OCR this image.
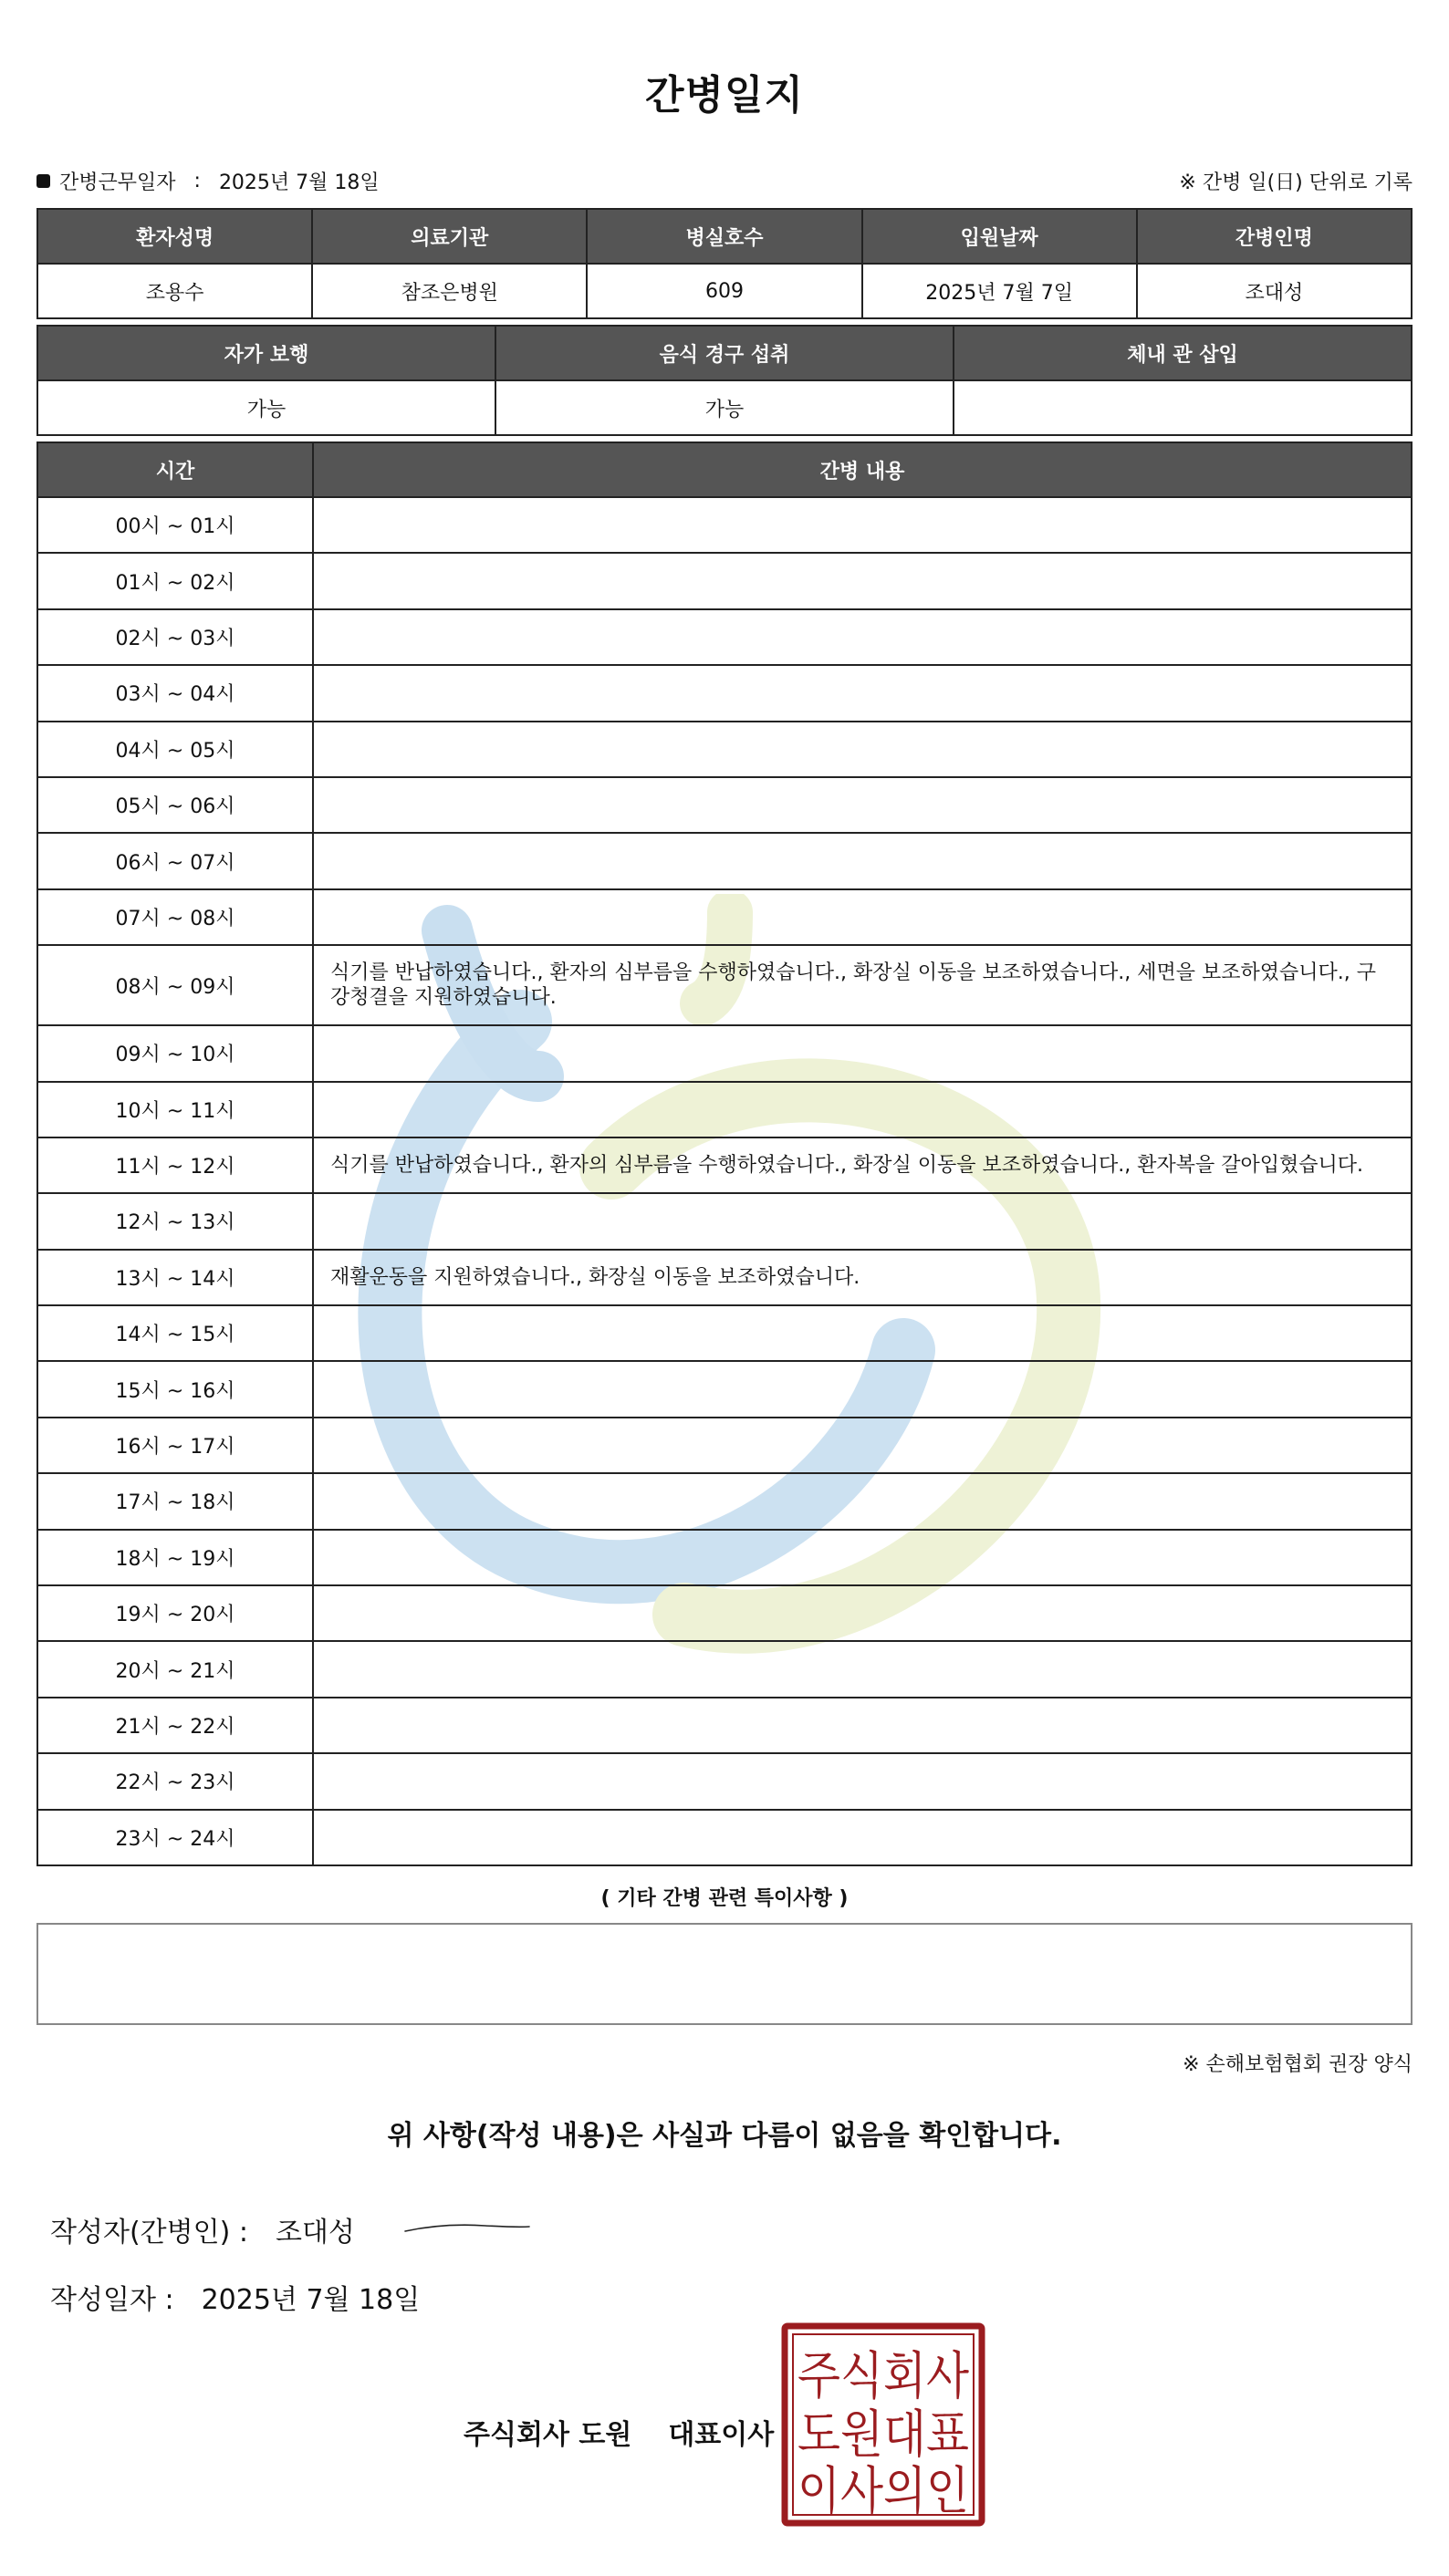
간병일지
간병근무일자 : 2025년 7월 18일	※ 간병 일(日) 단위로 기록
환자성명	의료기관	병실호수	입원날짜	간병인명
조용수	참조은병원	609	2025년 7월 7일	조대성
자가 보행	음식 경구 섭취	체내 관 삽입
가능	가능	
시간	간병 내용
00시 ~ 01시	
01시 ~ 02시	
02시 ~ 03시	
03시 ~ 04시	
04시 ~ 05시	
05시 ~ 06시	
06시 ~ 07시	
07시 ~ 08시	
08시 ~ 09시	식기를 반납하였습니다., 환자의 심부름을 수행하였습니다., 화장실 이동을 보조하였습니다., 세면을 보조하였습니다., 구강청결을 지원하였습니다.
09시 ~ 10시	
10시 ~ 11시	
11시 ~ 12시	식기를 반납하였습니다., 환자의 심부름을 수행하였습니다., 화장실 이동을 보조하였습니다., 환자복을 갈아입혔습니다.
12시 ~ 13시	
13시 ~ 14시	재활운동을 지원하였습니다., 화장실 이동을 보조하였습니다.
14시 ~ 15시	
15시 ~ 16시	
16시 ~ 17시	
17시 ~ 18시	
18시 ~ 19시	
19시 ~ 20시	
20시 ~ 21시	
21시 ~ 22시	
22시 ~ 23시	
23시 ~ 24시	
( 기타 간병 관련 특이사항 )
※ 손해보험협회 권장 양식
위 사항(작성 내용)은 사실과 다름이 없음을 확인합니다.
작성자(간병인) : 조대성
작성일자 : 2025년 7월 18일
주식회사 도원 대표이사
주식회사
도원대표
이사의인
